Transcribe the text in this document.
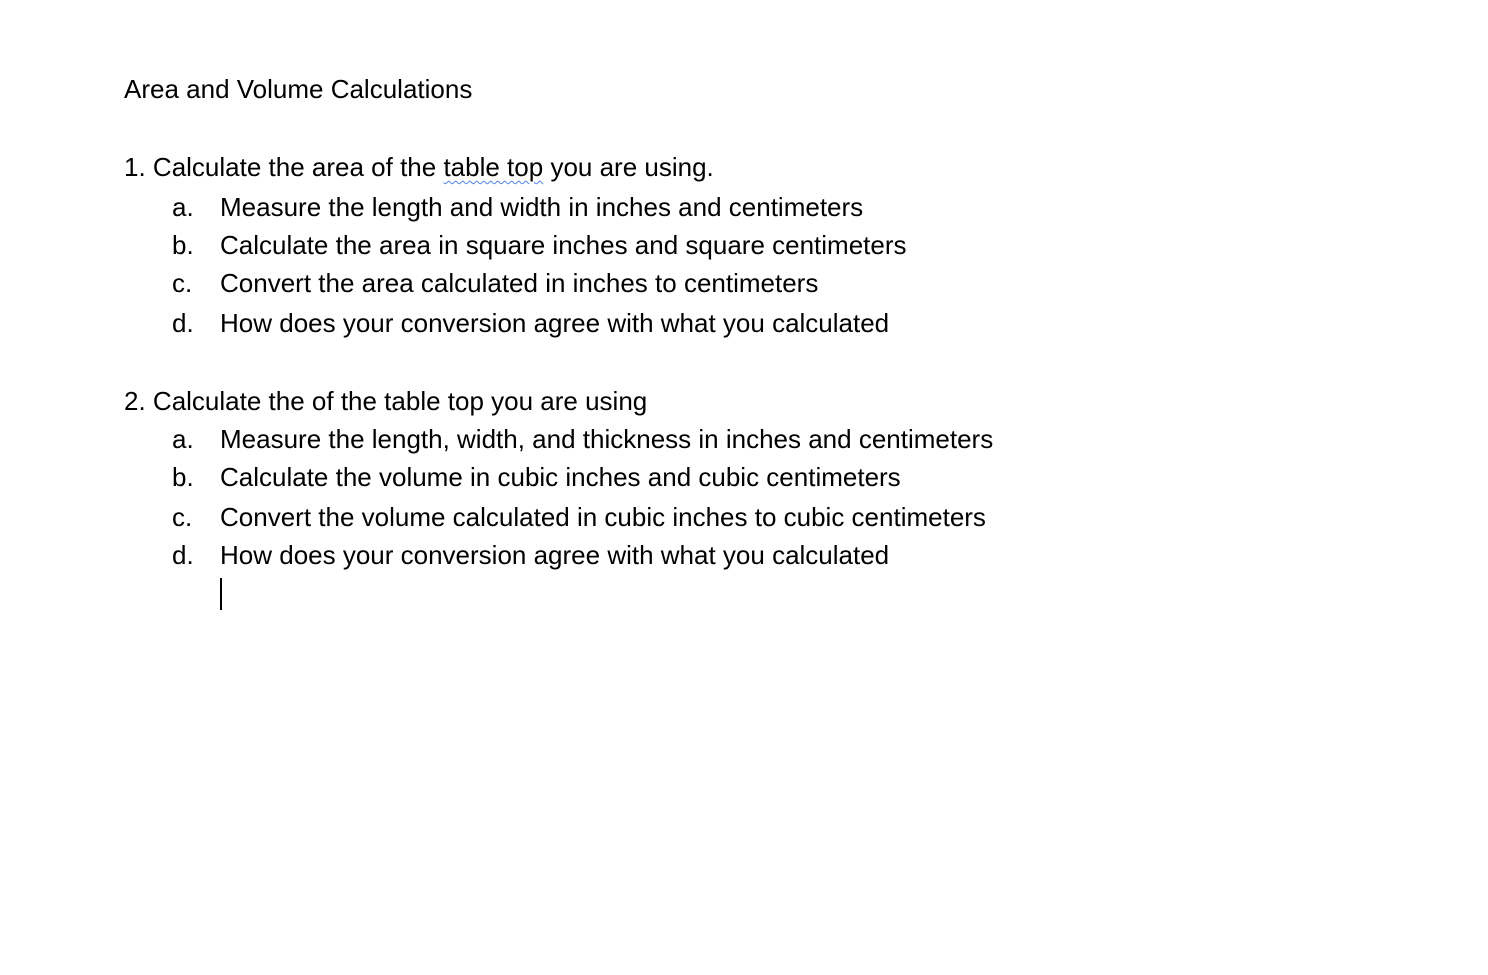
Area and Volume Calculations
1. Calculate the area of the table top you are using.
a. Measure the length and width in inches and centimeters
b. Calculate the area in square inches and square centimeters
c. Convert the area calculated in inches to centimeters
d. How does your conversion agree with what you calculated
2. Calculate the of the table top you are using
a. Measure the length, width, and thickness in inches and centimeters
b. Calculate the volume in cubic inches and cubic centimeters
c. Convert the volume calculated in cubic inches to cubic centimeters
d. How does your conversion agree with what you calculated
